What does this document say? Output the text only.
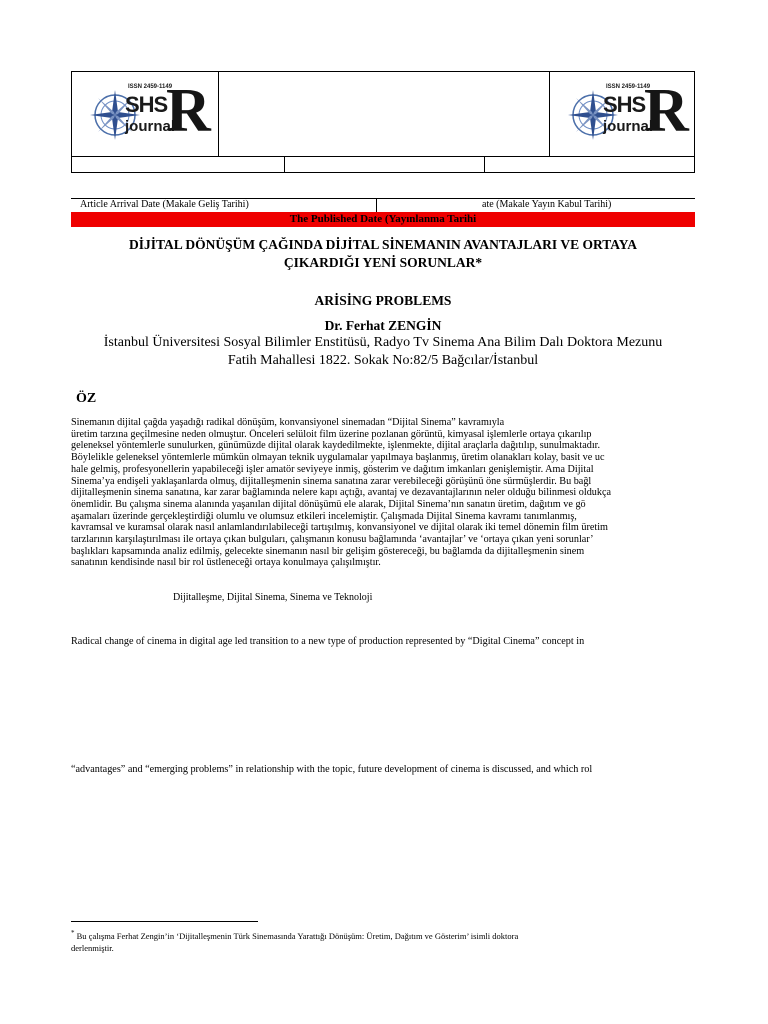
ISSN 2459-1149
SHS
journal
R	ISSN 2459-1149
SHS
journal
R
Article Arrival Date (Makale Geliş Tarihi)	ate (Makale Yayın Kabul Tarihi)
The Published Date (Yayınlanma Tarihi
DİJİTAL DÖNÜŞÜM ÇAĞINDA DİJİTAL SİNEMANIN AVANTAJLARI VE ORTAYA
ÇIKARDIĞI YENİ SORUNLAR*
ARİSİNG PROBLEMS
Dr. Ferhat ZENGİN
İstanbul Üniversitesi Sosyal Bilimler Enstitüsü, Radyo Tv Sinema Ana Bilim Dalı Doktora Mezunu
Fatih Mahallesi 1822. Sokak No:82/5 Bağcılar/İstanbul
ÖZ
Sinemanın dijital çağda yaşadığı radikal dönüşüm, konvansiyonel sinemadan “Dijital Sinema” kavramıyla
üretim tarzına geçilmesine neden olmuştur. Önceleri selüloit film üzerine pozlanan görüntü, kimyasal işlemlerle ortaya çıkarılıp
geleneksel yöntemlerle sunulurken, günümüzde dijital olarak kaydedilmekte, işlenmekte, dijital araçlarla dağıtılıp, sunulmaktadır.
Böylelikle geleneksel yöntemlerle mümkün olmayan teknik uygulamalar yapılmaya başlanmış, üretim olanakları kolay, basit ve uc
hale gelmiş, profesyonellerin yapabileceği işler amatör seviyeye inmiş, gösterim ve dağıtım imkanları genişlemiştir. Ama Dijital
Sinema’ya endişeli yaklaşanlarda olmuş, dijitalleşmenin sinema sanatına zarar verebileceği görüşünü öne sürmüşlerdir. Bu bağl
dijitalleşmenin sinema sanatına, kar zarar bağlamında nelere kapı açtığı, avantaj ve dezavantajlarının neler olduğu bilinmesi oldukça
önemlidir. Bu çalışma sinema alanında yaşanılan dijital dönüşümü ele alarak, Dijital Sinema’nın sanatın üretim, dağıtım ve gö
aşamaları üzerinde gerçekleştirdiği olumlu ve olumsuz etkileri incelemiştir. Çalışmada Dijital Sinema kavramı tanımlanmış,
kavramsal ve kuramsal olarak nasıl anlamlandırılabileceği tartışılmış, konvansiyonel ve dijital olarak iki temel dönemin film üretim
tarzlarının karşılaştırılması ile ortaya çıkan bulguları, çalışmanın konusu bağlamında ‘avantajlar’ ve ‘ortaya çıkan yeni sorunlar’
başlıkları kapsamında analiz edilmiş, gelecekte sinemanın nasıl bir gelişim göstereceği, bu bağlamda da dijitalleşmenin sinem
sanatının kendisinde nasıl bir rol üstleneceği ortaya konulmaya çalışılmıştır.
Dijitalleşme, Dijital Sinema, Sinema ve Teknoloji
Radical change of cinema in digital age led transition to a new type of production represented by “Digital Cinema” concept in
“advantages” and “emerging problems” in relationship with the topic, future development of cinema is discussed, and which rol
* Bu çalışma Ferhat Zengin’in ‘Dijitalleşmenin Türk Sinemasında Yarattığı Dönüşüm: Üretim, Dağıtım ve Gösterim’ isimli doktora
derlenmiştir.
